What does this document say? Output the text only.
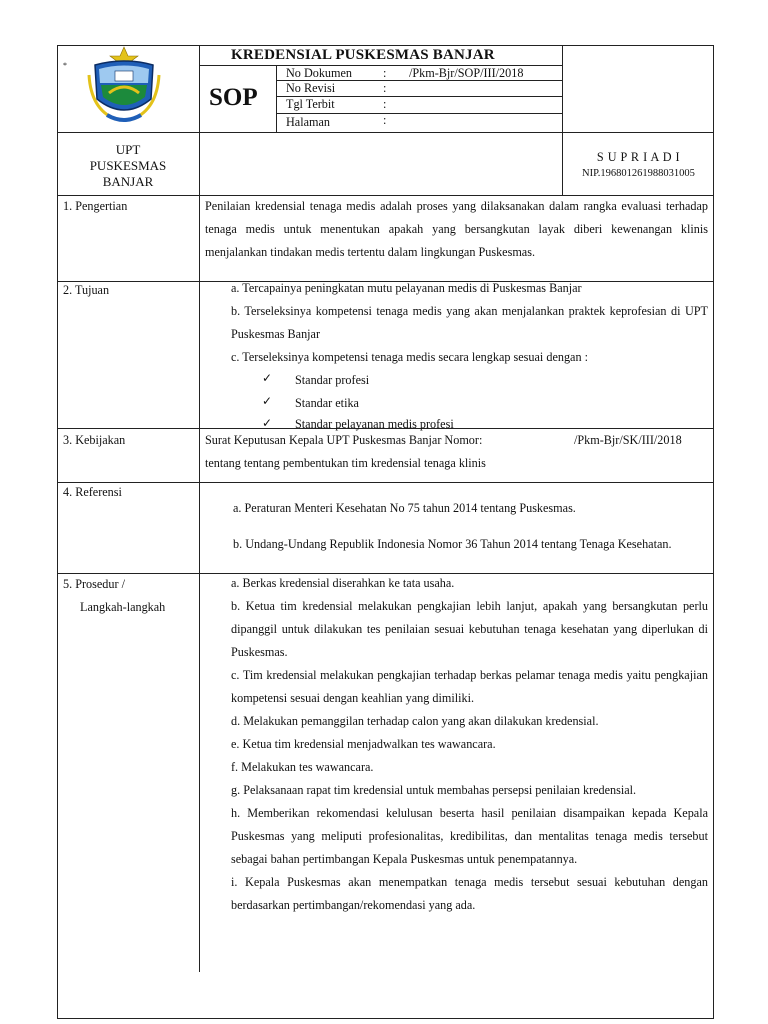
*
KREDENSIAL PUSKESMAS BANJAR
SOP
No Dokumen	: /Pkm-Bjr/SOP/III/2018
No Revisi	:
Tgl Terbit	:
Halaman	:
UPT
PUSKESMAS
BANJAR
S U P R I A D I
NIP.196801261988031005
1. Pengertian	Penilaian kredensial tenaga medis adalah proses yang dilaksanakan dalam rangka evaluasi terhadap tenaga medis untuk menentukan apakah yang bersangkutan layak diberi kewenangan klinis menjalankan tindakan medis tertentu dalam lingkungan Puskesmas.
2. Tujuan	a. Tercapainya peningkatan mutu pelayanan medis di Puskesmas Banjar
b. Terseleksinya kompetensi tenaga medis yang akan menjalankan praktek keprofesian di UPT Puskesmas Banjar
c. Terseleksinya kompetensi tenaga medis secara lengkap sesuai dengan :
✓ Standar profesi
✓ Standar etika
✓ Standar pelayanan medis profesi
3. Kebijakan	Surat Keputusan Kepala UPT Puskesmas Banjar Nomor:	/Pkm-Bjr/SK/III/2018
tentang tentang pembentukan tim kredensial tenaga klinis
4. Referensi
a. Peraturan Menteri Kesehatan No 75 tahun 2014 tentang Puskesmas.
b. Undang-Undang Republik Indonesia Nomor 36 Tahun 2014 tentang Tenaga Kesehatan.
5. Prosedur /
Langkah-langkah
a. Berkas kredensial diserahkan ke tata usaha.
b. Ketua tim kredensial melakukan pengkajian lebih lanjut, apakah yang bersangkutan perlu dipanggil untuk dilakukan tes penilaian sesuai kebutuhan tenaga kesehatan yang diperlukan di Puskesmas.
c. Tim kredensial melakukan pengkajian terhadap berkas pelamar tenaga medis yaitu pengkajian kompetensi sesuai dengan keahlian yang dimiliki.
d. Melakukan pemanggilan terhadap calon yang akan dilakukan kredensial.
e. Ketua tim kredensial menjadwalkan tes wawancara.
f. Melakukan tes wawancara.
g. Pelaksanaan rapat tim kredensial untuk membahas persepsi penilaian kredensial.
h. Memberikan rekomendasi kelulusan beserta hasil penilaian disampaikan kepada Kepala Puskesmas yang meliputi profesionalitas, kredibilitas, dan mentalitas tenaga medis tersebut sebagai bahan pertimbangan Kepala Puskesmas untuk penempatannya.
i. Kepala Puskesmas akan menempatkan tenaga medis tersebut sesuai kebutuhan dengan berdasarkan pertimbangan/rekomendasi yang ada.
